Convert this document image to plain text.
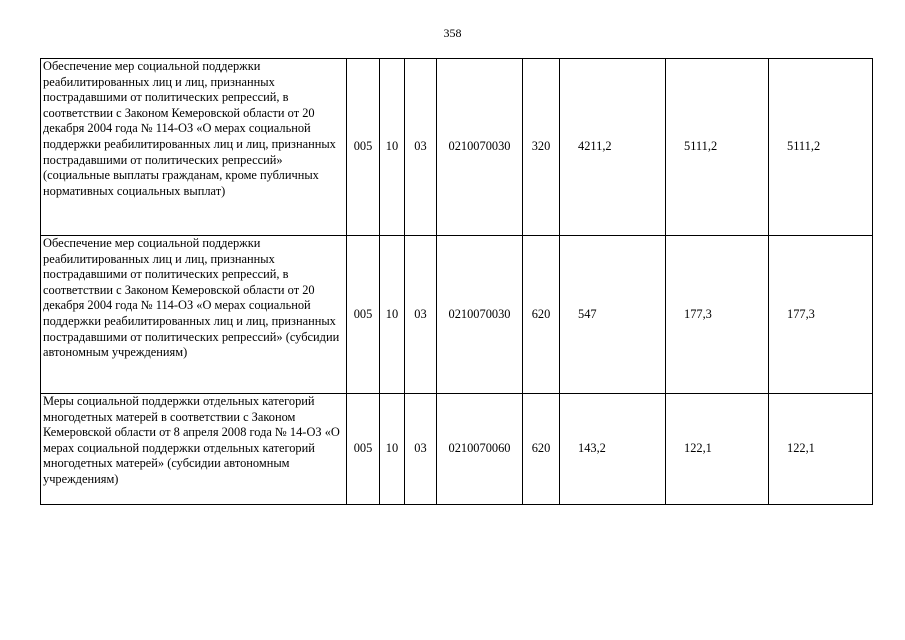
358
Обеспечение мер социальной поддержки реабилитированных лиц и лиц, признанных пострадавшими от политических репрессий, в соответствии с Законом Кемеровской области от 20 декабря 2004 года № 114-ОЗ «О мерах социальной поддержки реабилитированных лиц и лиц, признанных пострадавшими от политических репрессий» (социальные выплаты гражданам, кроме публичных нормативных социальных выплат)	005	10	03	0210070030	320	4211,2	5111,2	5111,2
Обеспечение мер социальной поддержки реабилитированных лиц и лиц, признанных пострадавшими от политических репрессий, в соответствии с Законом Кемеровской области от 20 декабря 2004 года № 114-ОЗ «О мерах социальной поддержки реабилитированных лиц и лиц, признанных пострадавшими от политических репрессий» (субсидии автономным учреждениям)	005	10	03	0210070030	620	547	177,3	177,3
Меры социальной поддержки отдельных категорий многодетных матерей в соответствии с Законом Кемеровской области от 8 апреля 2008 года № 14-ОЗ «О мерах социальной поддержки отдельных категорий многодетных матерей» (субсидии автономным учреждениям)	005	10	03	0210070060	620	143,2	122,1	122,1
